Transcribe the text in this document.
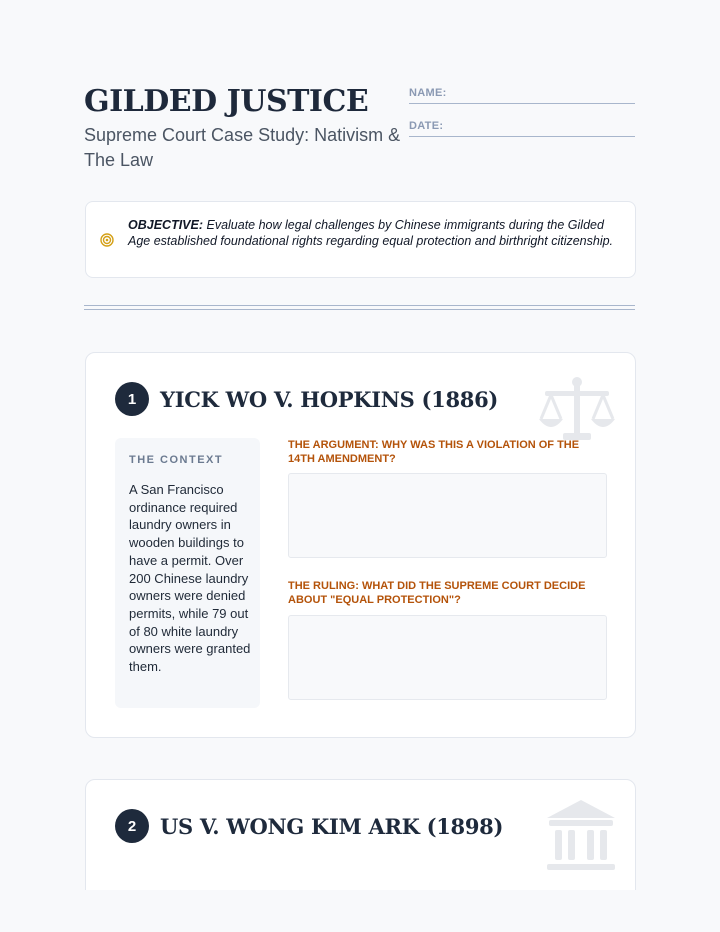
GILDED JUSTICE

Supreme Court Case Study: Nativism & The Law

NAME:
DATE:
OBJECTIVE: Evaluate how legal challenges by Chinese immigrants during the Gilded Age established foundational rights regarding equal protection and birthright citizenship.
1	YICK WO V. HOPKINS (1886)
THE CONTEXT
A San Francisco ordinance required laundry owners in wooden buildings to have a permit. Over 200 Chinese laundry owners were denied permits, while 79 out of 80 white laundry owners were granted them.
THE ARGUMENT: WHY WAS THIS A VIOLATION OF THE 14TH AMENDMENT?
THE RULING: WHAT DID THE SUPREME COURT DECIDE ABOUT "EQUAL PROTECTION"?
2	US V. WONG KIM ARK (1898)
